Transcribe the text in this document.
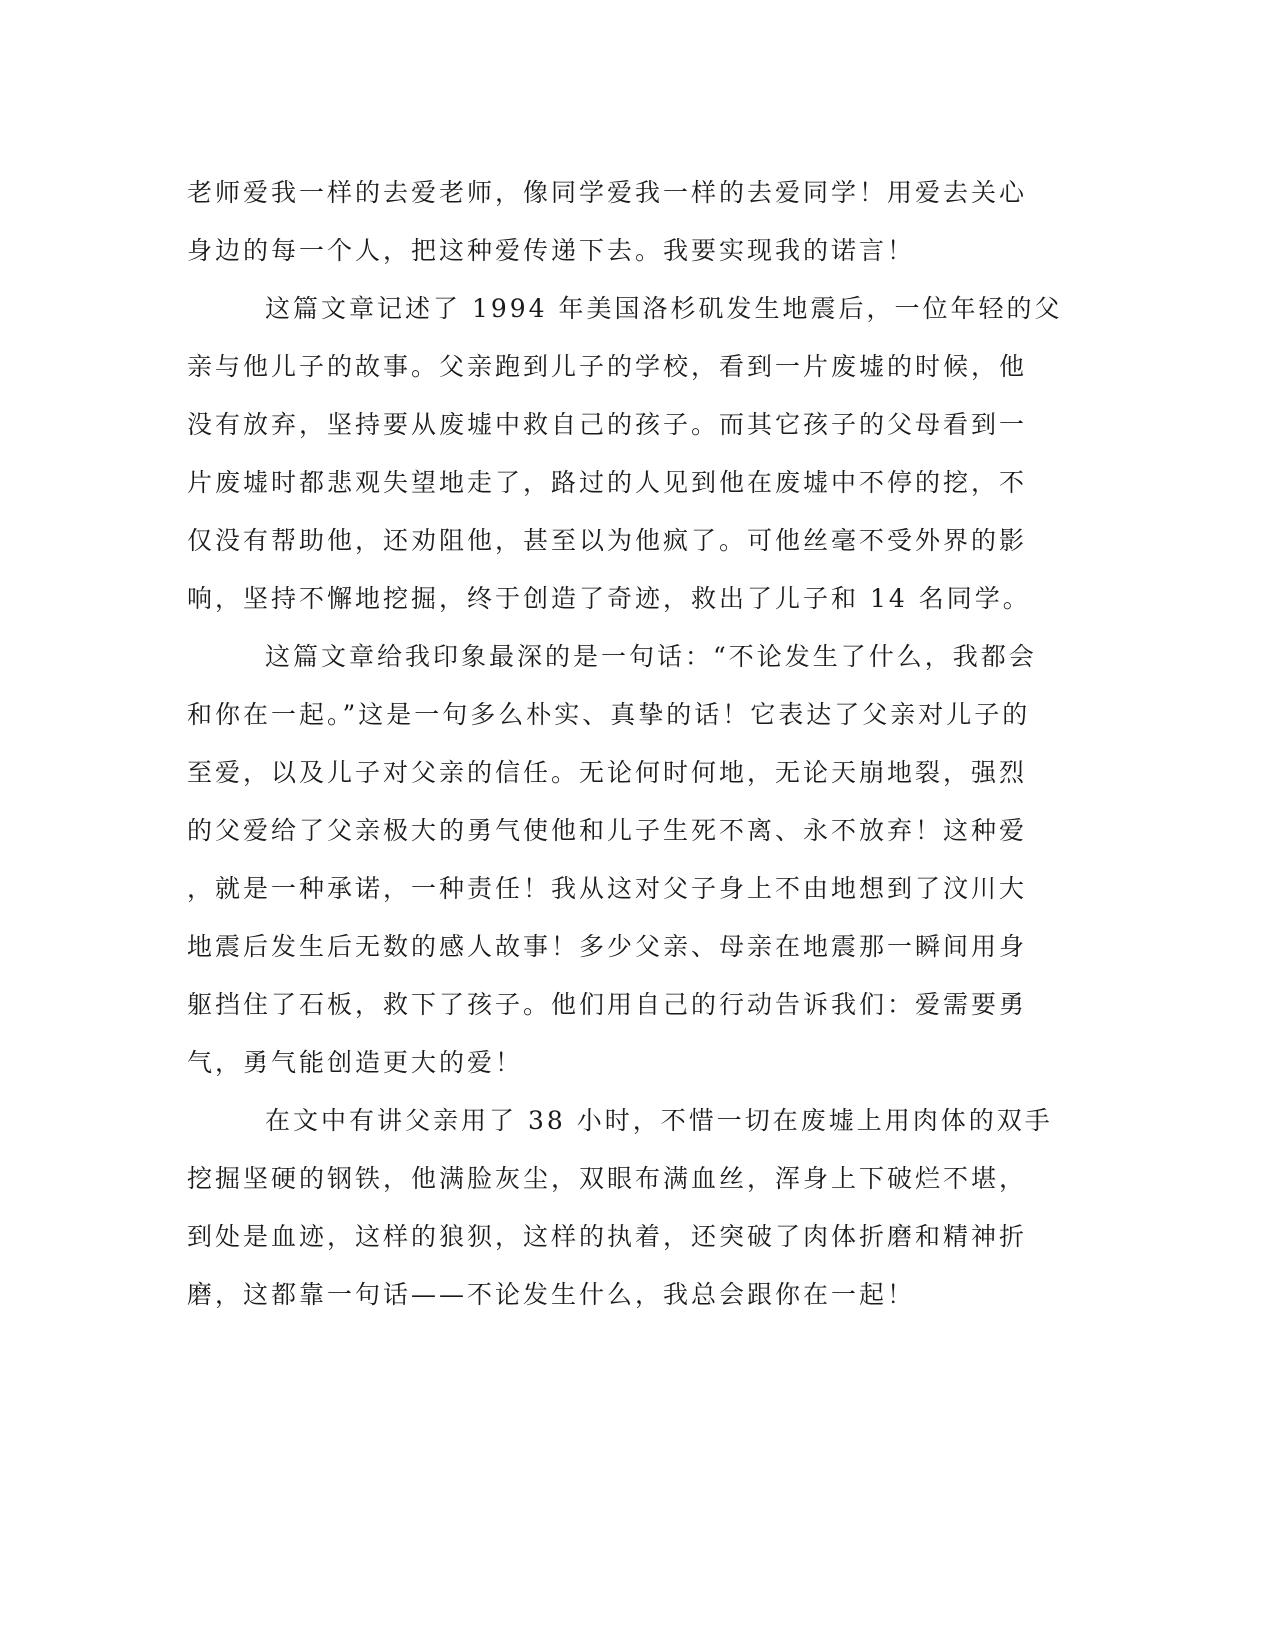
老师爱我一样的去爱老师，像同学爱我一样的去爱同学！用爱去关心
身边的每一个人，把这种爱传递下去。我要实现我的诺言！
这篇文章记述了 1994 年美国洛杉矶发生地震后，一位年轻的父
亲与他儿子的故事。父亲跑到儿子的学校，看到一片废墟的时候，他
没有放弃，坚持要从废墟中救自己的孩子。而其它孩子的父母看到一
片废墟时都悲观失望地走了，路过的人见到他在废墟中不停的挖，不
仅没有帮助他，还劝阻他，甚至以为他疯了。可他丝毫不受外界的影
响，坚持不懈地挖掘，终于创造了奇迹，救出了儿子和 14 名同学。
这篇文章给我印象最深的是一句话：“不论发生了什么，我都会
和你在一起。”这是一句多么朴实、真挚的话！它表达了父亲对儿子的
至爱，以及儿子对父亲的信任。无论何时何地，无论天崩地裂，强烈
的父爱给了父亲极大的勇气使他和儿子生死不离、永不放弃！这种爱
，就是一种承诺，一种责任！我从这对父子身上不由地想到了汶川大
地震后发生后无数的感人故事！多少父亲、母亲在地震那一瞬间用身
躯挡住了石板，救下了孩子。他们用自己的行动告诉我们：爱需要勇
气，勇气能创造更大的爱！
在文中有讲父亲用了 38 小时，不惜一切在废墟上用肉体的双手
挖掘坚硬的钢铁，他满脸灰尘，双眼布满血丝，浑身上下破烂不堪，
到处是血迹，这样的狼狈，这样的执着，还突破了肉体折磨和精神折
磨，这都靠一句话——不论发生什么，我总会跟你在一起！
